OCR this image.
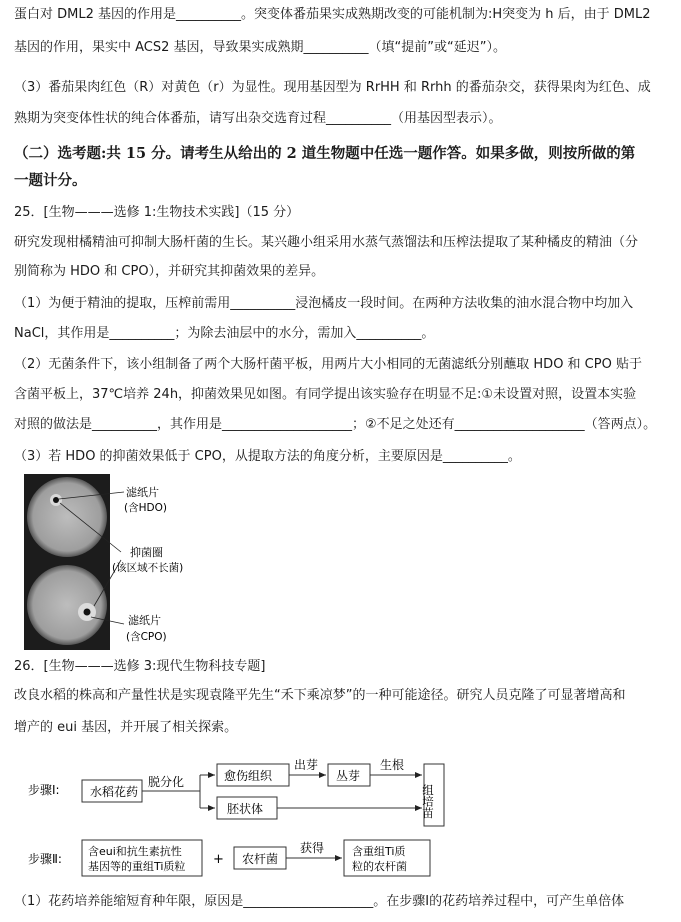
蛋白对 DML2 基因的作用是__________。突变体番茄果实成熟期改变的可能机制为:H突变为 h 后，由于 DML2
基因的作用，果实中 ACS2 基因，导致果实成熟期__________（填“提前”或“延迟”）。
（3）番茄果肉红色（R）对黄色（r）为显性。现用基因型为 RrHH 和 Rrhh 的番茄杂交，获得果肉为红色、成
熟期为突变体性状的纯合体番茄，请写出杂交选育过程__________（用基因型表示）。
（二）选考题:共 15 分。请考生从给出的 2 道生物题中任选一题作答。如果多做，则按所做的第
一题计分。
25．[生物———选修 1:生物技术实践]（15 分）
研究发现柑橘精油可抑制大肠杆菌的生长。某兴趣小组采用水蒸气蒸馏法和压榨法提取了某种橘皮的精油（分
别简称为 HDO 和 CPO），并研究其抑菌效果的差异。
（1）为便于精油的提取，压榨前需用__________浸泡橘皮一段时间。在两种方法收集的油水混合物中均加入
NaCl，其作用是__________；为除去油层中的水分，需加入__________。
（2）无菌条件下，该小组制备了两个大肠杆菌平板，用两片大小相同的无菌滤纸分别蘸取 HDO 和 CPO 贴于
含菌平板上，37℃培养 24h，抑菌效果见如图。有同学提出该实验存在明显不足:①未设置对照，设置本实验
对照的做法是__________，其作用是____________________；②不足之处还有____________________（答两点）。
（3）若 HDO 的抑菌效果低于 CPO，从提取方法的角度分析，主要原因是__________。
滤纸片
(含HDO)
抑菌圈
(该区域不长菌)
滤纸片
(含CPO)
26．[生物———选修 3:现代生物科技专题]
改良水稻的株高和产量性状是实现袁隆平先生“禾下乘凉梦”的一种可能途径。研究人员克隆了可显著增高和
增产的 eui 基因，并开展了相关探索。
步骤Ⅰ:	水稻花药
脱分化	愈伤组织
出芽
丛芽
生根
胚状体	组培苗
步骤Ⅱ:
含eui和抗生素抗性
基因等的重组Ti质粒 + 农杆菌
获得	含重组Ti质
粒的农杆菌
（1）花药培养能缩短育种年限，原因是____________________。在步骤Ⅰ的花药培养过程中，可产生单倍体
